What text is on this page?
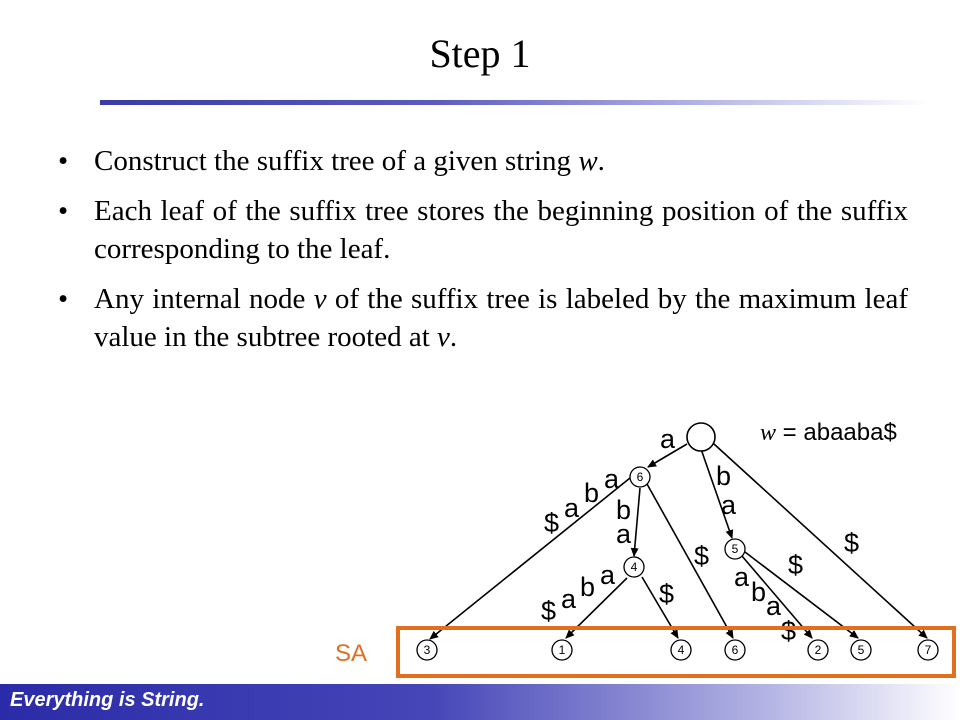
Step 1
• Construct the suffix tree of a given string w.
• Each leaf of the suffix tree stores the beginning position of the suffix corresponding to the leaf.
• Any internal node v of the suffix tree is labeled by the maximum leaf value in the subtree rooted at v.
w = abaaba$
a
6
4
5
$ a b a
b
a
$ a b a
$
b
a
$
a b a
$
$
$
SA	3	1	4	6	2	5	7
Everything is String.
